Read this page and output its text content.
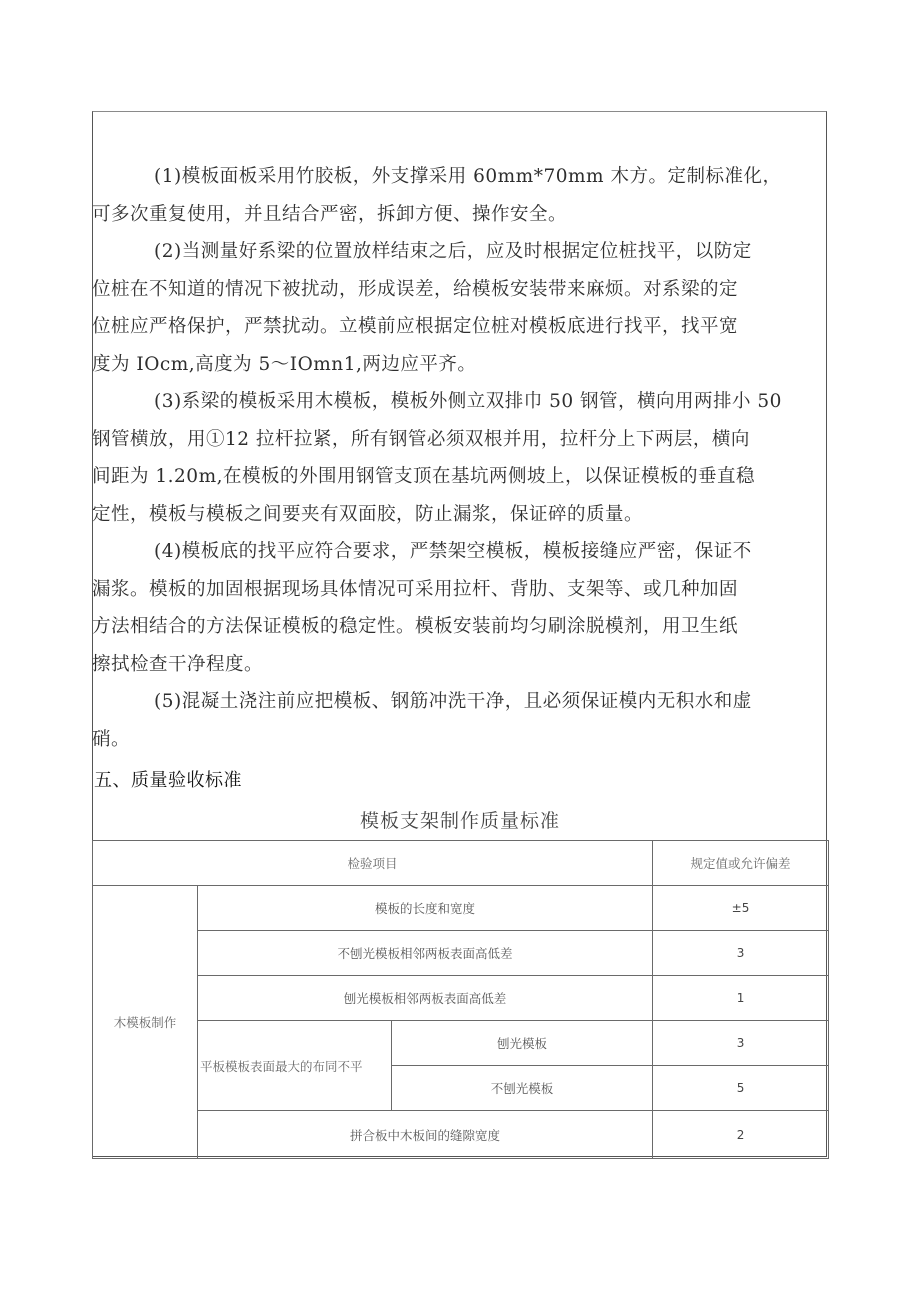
(1)模板面板采用竹胶板，外支撑采用 60mm*70mm 木方。定制标准化，
可多次重复使用，并且结合严密，拆卸方便、操作安全。
(2)当测量好系梁的位置放样结束之后，应及时根据定位桩找平，以防定
位桩在不知道的情况下被扰动，形成误差，给模板安装带来麻烦。对系梁的定
位桩应严格保护，严禁扰动。立模前应根据定位桩对模板底进行找平，找平宽
度为 IOcm,高度为 5～IOmn1,两边应平齐。
(3)系梁的模板采用木模板，模板外侧立双排巾 50 钢管，横向用两排小 50
钢管横放，用①12 拉杆拉紧，所有钢管必须双根并用，拉杆分上下两层，横向
间距为 1.20m,在模板的外围用钢管支顶在基坑两侧坡上，以保证模板的垂直稳
定性，模板与模板之间要夹有双面胶，防止漏浆，保证碎的质量。
(4)模板底的找平应符合要求，严禁架空模板，模板接缝应严密，保证不
漏浆。模板的加固根据现场具体情况可采用拉杆、背肋、支架等、或几种加固
方法相结合的方法保证模板的稳定性。模板安装前均匀刷涂脱模剂，用卫生纸
擦拭检查干净程度。
(5)混凝土浇注前应把模板、钢筋冲洗干净，且必须保证模内无积水和虚
硝。
五、质量验收标准
模板支架制作质量标准
检验项目			规定值或允许偏差
木模板制作	模板的长度和宽度		±5
	不刨光模板相邻两板表面高低差		3
	刨光模板相邻两板表面高低差		1
	平板模板表面最大的布同不平	刨光模板	3
		不刨光模板	5
	拼合板中木板间的缝隙宽度		2
